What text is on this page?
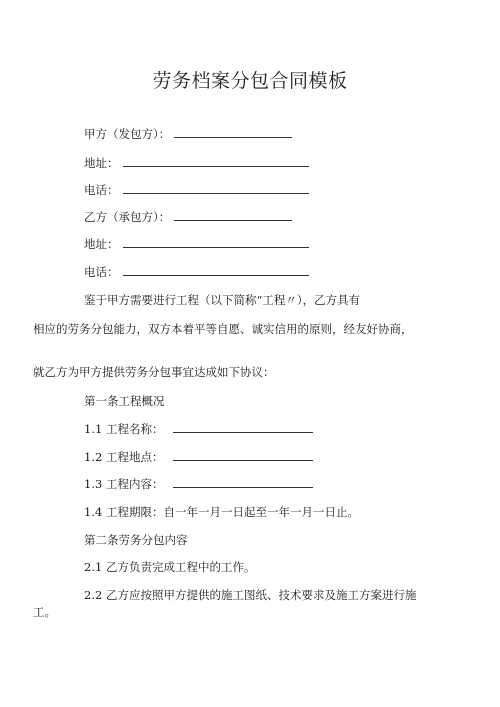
劳务档案分包合同模板
甲方（发包方）：
地址：
电话：
乙方（承包方）：
地址：
电话：
鉴于甲方需要进行工程（以下简称“工程〃），乙方具有
相应的劳务分包能力，双方本着平等自愿、诚实信用的原则，经友好协商，
就乙方为甲方提供劳务分包事宜达成如下协议：
第一条工程概况
1.1 工程名称：
1.2 工程地点：
1.3 工程内容：
1.4 工程期限：自一年一月一日起至一年一月一日止。
第二条劳务分包内容
2.1 乙方负责完成工程中的工作。
2.2 乙方应按照甲方提供的施工图纸、技术要求及施工方案进行施工。
